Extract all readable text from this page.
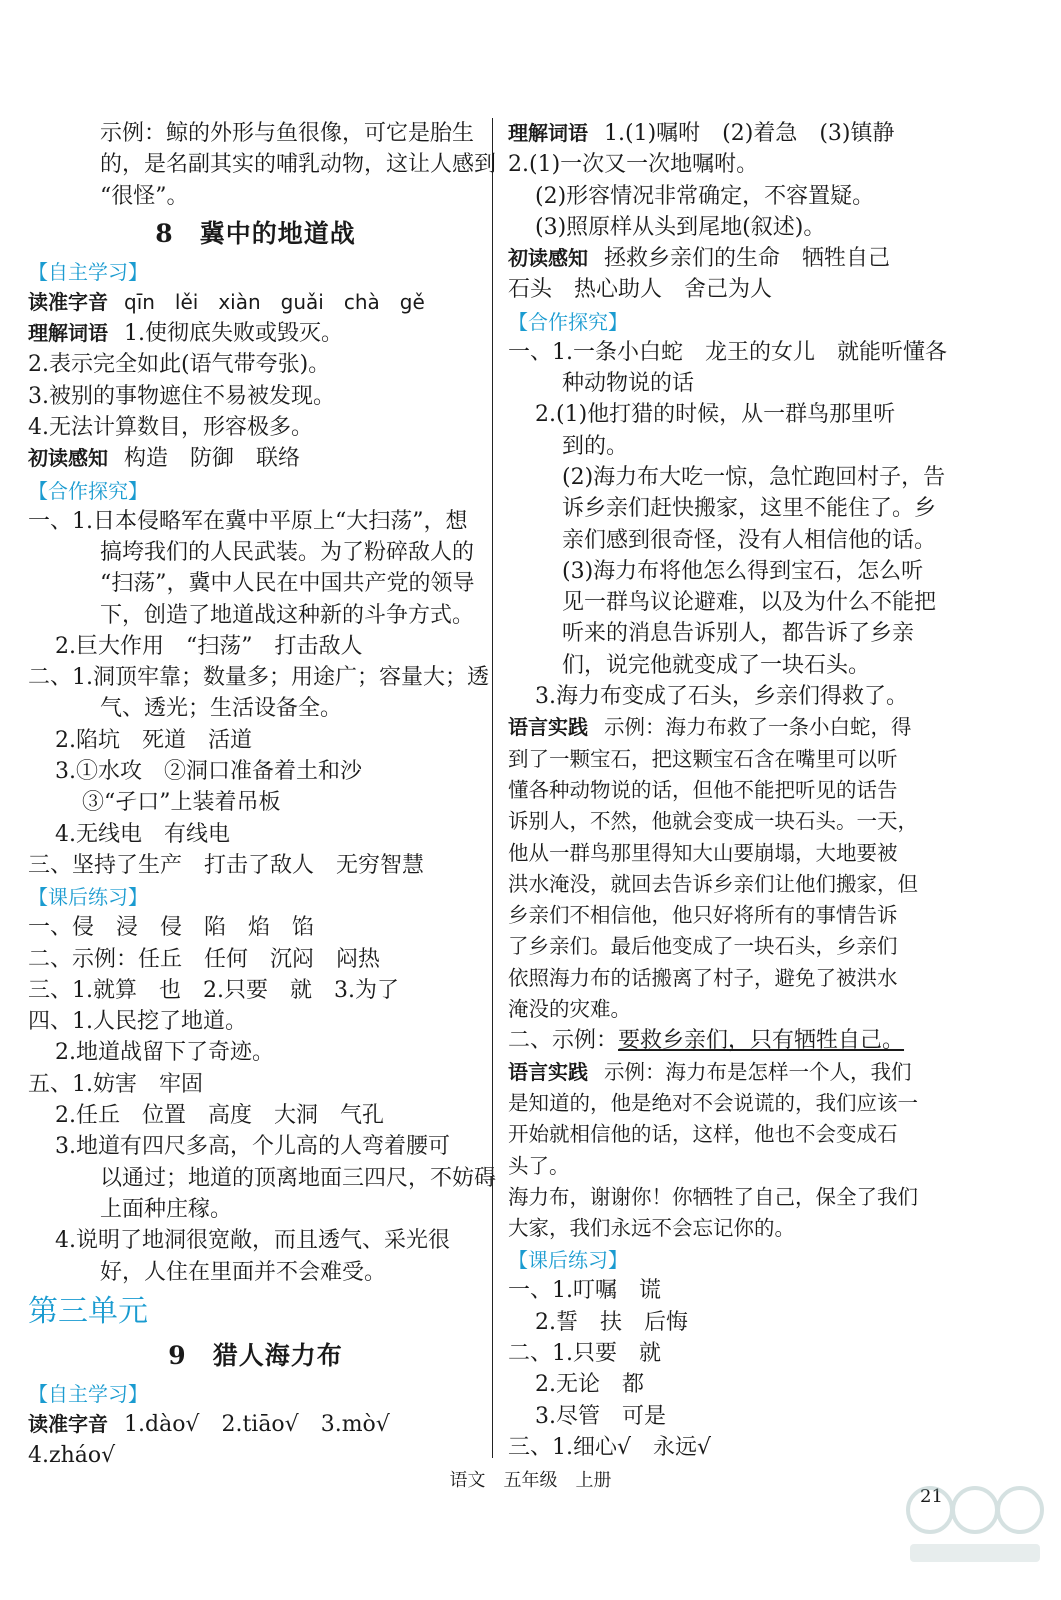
示例：鲸的外形与鱼很像，可它是胎生
的，是名副其实的哺乳动物，这让人感到
“很怪”。
8　冀中的地道战
【自主学习】
读准字音 qīn　lěi　xiàn　guǎi　chà　gě
理解词语 1.使彻底失败或毁灭。
2.表示完全如此(语气带夸张)。
3.被别的事物遮住不易被发现。
4.无法计算数目，形容极多。
初读感知 构造　防御　联络
【合作探究】
一、1.日本侵略军在冀中平原上“大扫荡”，想
搞垮我们的人民武装。为了粉碎敌人的
“扫荡”，冀中人民在中国共产党的领导
下，创造了地道战这种新的斗争方式。
2.巨大作用　“扫荡”　打击敌人
二、1.洞顶牢靠；数量多；用途广；容量大；透
气、透光；生活设备全。
2.陷坑　死道　活道
3.①水攻　②洞口准备着土和沙
③“孑口”上装着吊板
4.无线电　有线电
三、坚持了生产　打击了敌人　无穷智慧
【课后练习】
一、侵　浸　侵　陷　焰　馅
二、示例：任丘　任何　沉闷　闷热
三、1.就算　也　2.只要　就　3.为了
四、1.人民挖了地道。
2.地道战留下了奇迹。
五、1.妨害　牢固
2.任丘　位置　高度　大洞　气孔
3.地道有四尺多高，个儿高的人弯着腰可
以通过；地道的顶离地面三四尺，不妨碍
上面种庄稼。
4.说明了地洞很宽敞，而且透气、采光很
好，人住在里面并不会难受。
第三单元
9　猎人海力布
【自主学习】
读准字音 1.dào√　2.tiāo√　3.mò√
4.zháo√
理解词语 1.(1)嘱咐　(2)着急　(3)镇静
2.(1)一次又一次地嘱咐。
(2)形容情况非常确定，不容置疑。
(3)照原样从头到尾地(叙述)。
初读感知 拯救乡亲们的生命　牺牲自己
石头　热心助人　舍己为人
【合作探究】
一、1.一条小白蛇　龙王的女儿　就能听懂各
种动物说的话
2.(1)他打猎的时候，从一群鸟那里听
到的。
(2)海力布大吃一惊，急忙跑回村子，告
诉乡亲们赶快搬家，这里不能住了。乡
亲们感到很奇怪，没有人相信他的话。
(3)海力布将他怎么得到宝石，怎么听
见一群鸟议论避难，以及为什么不能把
听来的消息告诉别人，都告诉了乡亲
们，说完他就变成了一块石头。
3.海力布变成了石头，乡亲们得救了。
语言实践 示例：海力布救了一条小白蛇，得
到了一颗宝石，把这颗宝石含在嘴里可以听
懂各种动物说的话，但他不能把听见的话告
诉别人，不然，他就会变成一块石头。一天，
他从一群鸟那里得知大山要崩塌，大地要被
洪水淹没，就回去告诉乡亲们让他们搬家，但
乡亲们不相信他，他只好将所有的事情告诉
了乡亲们。最后他变成了一块石头，乡亲们
依照海力布的话搬离了村子，避免了被洪水
淹没的灾难。
二、示例：要救乡亲们，只有牺牲自己。
语言实践 示例：海力布是怎样一个人，我们
是知道的，他是绝对不会说谎的，我们应该一
开始就相信他的话，这样，他也不会变成石
头了。
海力布，谢谢你！你牺牲了自己，保全了我们
大家，我们永远不会忘记你的。
【课后练习】
一、1.叮嘱　谎
2.誓　扶　后悔
二、1.只要　就
2.无论　都
3.尽管　可是
三、1.细心√　永远√
语文　五年级　上册
21
